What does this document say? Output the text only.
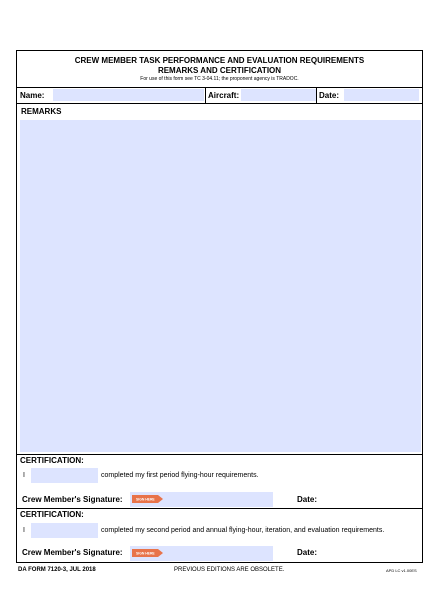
CREW MEMBER TASK PERFORMANCE AND EVALUATION REQUIREMENTS
REMARKS AND CERTIFICATION
For use of this form see TC 3-04.11; the proponent agency is TRADOC.
Name:	Aircraft:	Date:
REMARKS
CERTIFICATION:
I	completed my first period flying-hour requirements.
Crew Member's Signature:	SIGN HERE	Date:
CERTIFICATION:
I	completed my second period and annual flying-hour, iteration, and evaluation requirements.
Crew Member's Signature:	SIGN HERE	Date:
DA FORM 7120-3, JUL 2018	PREVIOUS EDITIONS ARE OBSOLETE.	APD LC v1.00ES
